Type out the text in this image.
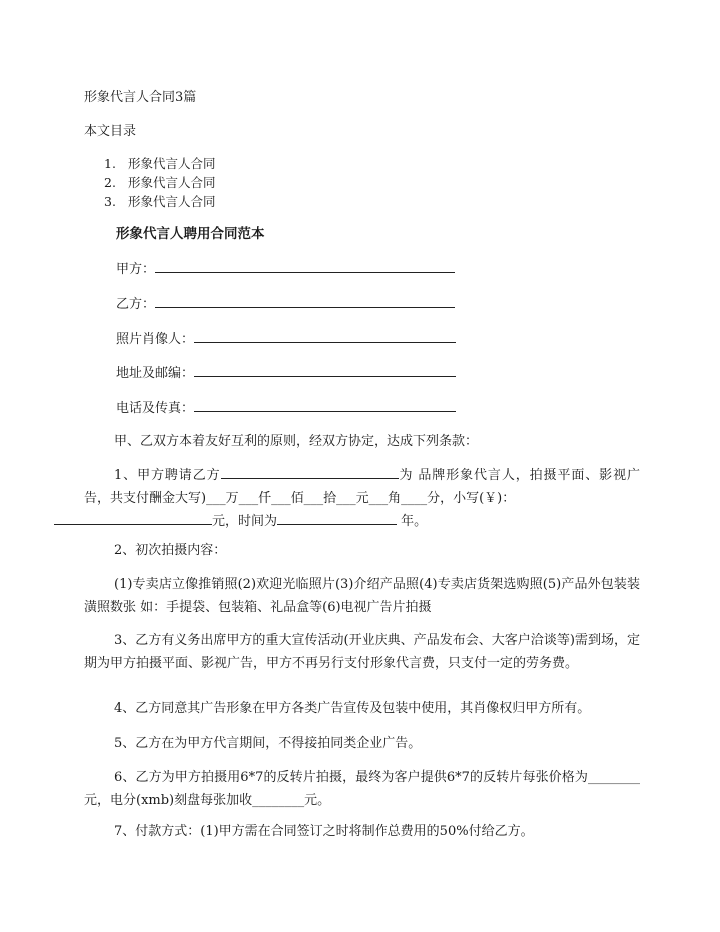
形象代言人合同3篇
本文目录
1. 形象代言人合同
2. 形象代言人合同
3. 形象代言人合同
形象代言人聘用合同范本
甲方：
乙方：
照片肖像人：
地址及邮编：
电话及传真：
甲、乙双方本着友好互利的原则，经双方协定，达成下列条款：
1、甲方聘请乙方	为 品牌形象代言人，拍摄平面、影视广告，共支付酬金大写)___万___仟___佰___拾___元___角____分，小写(￥)：
元，时间为	年。
2、初次拍摄内容：
(1)专卖店立像推销照(2)欢迎光临照片(3)介绍产品照(4)专卖店货架选购照(5)产品外包装装潢照数张 如：手提袋、包装箱、礼品盒等(6)电视广告片拍摄
3、乙方有义务出席甲方的重大宣传活动(开业庆典、产品发布会、大客户洽谈等)需到场，定期为甲方拍摄平面、影视广告，甲方不再另行支付形象代言费，只支付一定的劳务费。
4、乙方同意其广告形象在甲方各类广告宣传及包装中使用，其肖像权归甲方所有。
5、乙方在为甲方代言期间，不得接拍同类企业广告。
6、乙方为甲方拍摄用6*7的反转片拍摄，最终为客户提供6*7的反转片每张价格为________元，电分(xmb)刻盘每张加收________元。
7、付款方式：(1)甲方需在合同签订之时将制作总费用的50%付给乙方。
